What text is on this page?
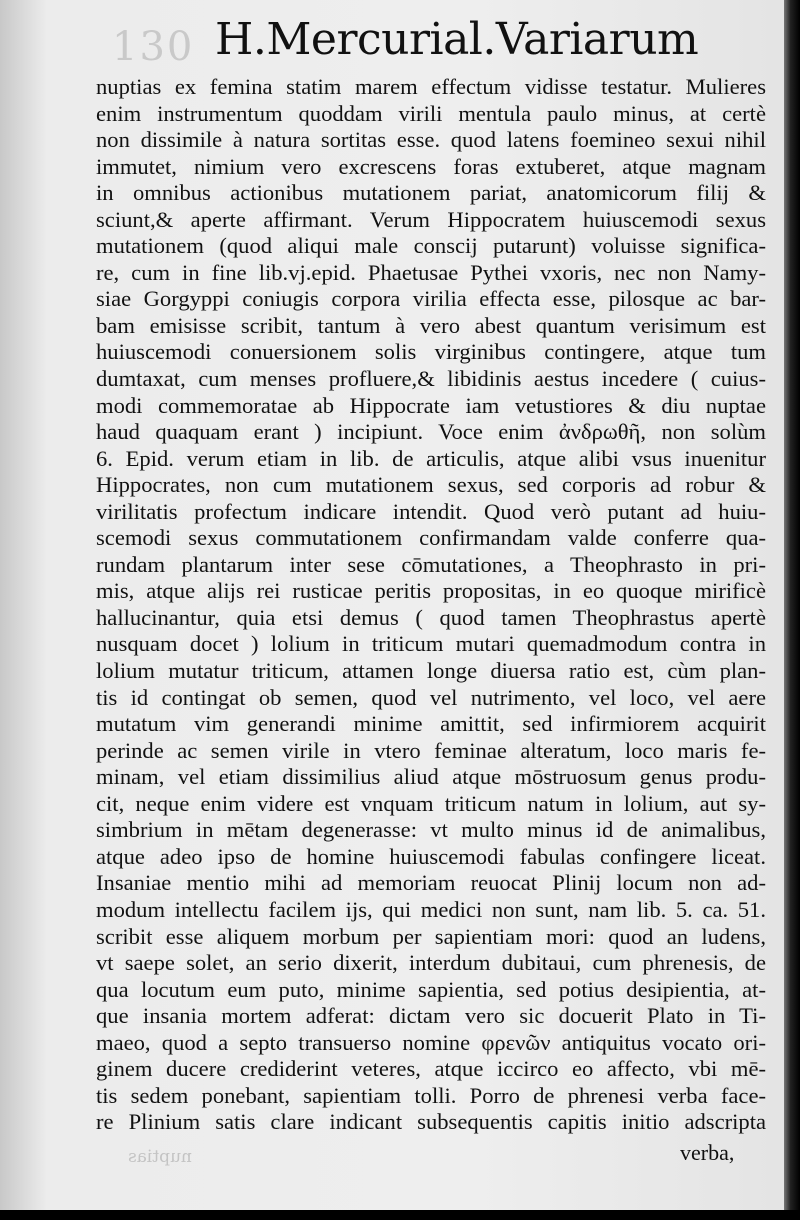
130
nuptias
H.Mercurial.Variarum
nuptias ex femina statim marem effectum vidisse testatur. Mulieres
enim instrumentum quoddam virili mentula paulo minus, at certè
non dissimile à natura sortitas esse. quod latens foemineo sexui nihil
immutet, nimium vero excrescens foras extuberet, atque magnam
in omnibus actionibus mutationem pariat, anatomicorum filij &
sciunt,& aperte affirmant. Verum Hippocratem huiuscemodi sexus
mutationem (quod aliqui male conscij putarunt) voluisse significa-
re, cum in fine lib.vj.epid. Phaetusae Pythei vxoris, nec non Namy-
siae Gorgyppi coniugis corpora virilia effecta esse, pilosque ac bar-
bam emisisse scribit, tantum à vero abest quantum verisimum est
huiuscemodi conuersionem solis virginibus contingere, atque tum
dumtaxat, cum menses profluere,& libidinis aestus incedere ( cuius-
modi commemoratae ab Hippocrate iam vetustiores & diu nuptae
haud quaquam erant ) incipiunt. Voce enim ἀνδρωθῆ, non solùm
6. Epid. verum etiam in lib. de articulis, atque alibi vsus inuenitur
Hippocrates, non cum mutationem sexus, sed corporis ad robur &
virilitatis profectum indicare intendit. Quod verò putant ad huiu-
scemodi sexus commutationem confirmandam valde conferre qua-
rundam plantarum inter sese cōmutationes, a Theophrasto in pri-
mis, atque alijs rei rusticae peritis propositas, in eo quoque mirificè
hallucinantur, quia etsi demus ( quod tamen Theophrastus apertè
nusquam docet ) lolium in triticum mutari quemadmodum contra in
lolium mutatur triticum, attamen longe diuersa ratio est, cùm plan-
tis id contingat ob semen, quod vel nutrimento, vel loco, vel aere
mutatum vim generandi minime amittit, sed infirmiorem acquirit
perinde ac semen virile in vtero feminae alteratum, loco maris fe-
minam, vel etiam dissimilius aliud atque mōstruosum genus produ-
cit, neque enim videre est vnquam triticum natum in lolium, aut sy-
simbrium in mētam degenerasse: vt multo minus id de animalibus,
atque adeo ipso de homine huiuscemodi fabulas confingere liceat.
Insaniae mentio mihi ad memoriam reuocat Plinij locum non ad-
modum intellectu facilem ijs, qui medici non sunt, nam lib. 5. ca. 51.
scribit esse aliquem morbum per sapientiam mori: quod an ludens,
vt saepe solet, an serio dixerit, interdum dubitaui, cum phrenesis, de
qua locutum eum puto, minime sapientia, sed potius desipientia, at-
que insania mortem adferat: dictam vero sic docuerit Plato in Ti-
maeo, quod a septo transuerso nomine φρενῶν antiquitus vocato ori-
ginem ducere crediderint veteres, atque iccirco eo affecto, vbi mē-
tis sedem ponebant, sapientiam tolli. Porro de phrenesi verba face-
re Plinium satis clare indicant subsequentis capitis initio adscripta
verba,
